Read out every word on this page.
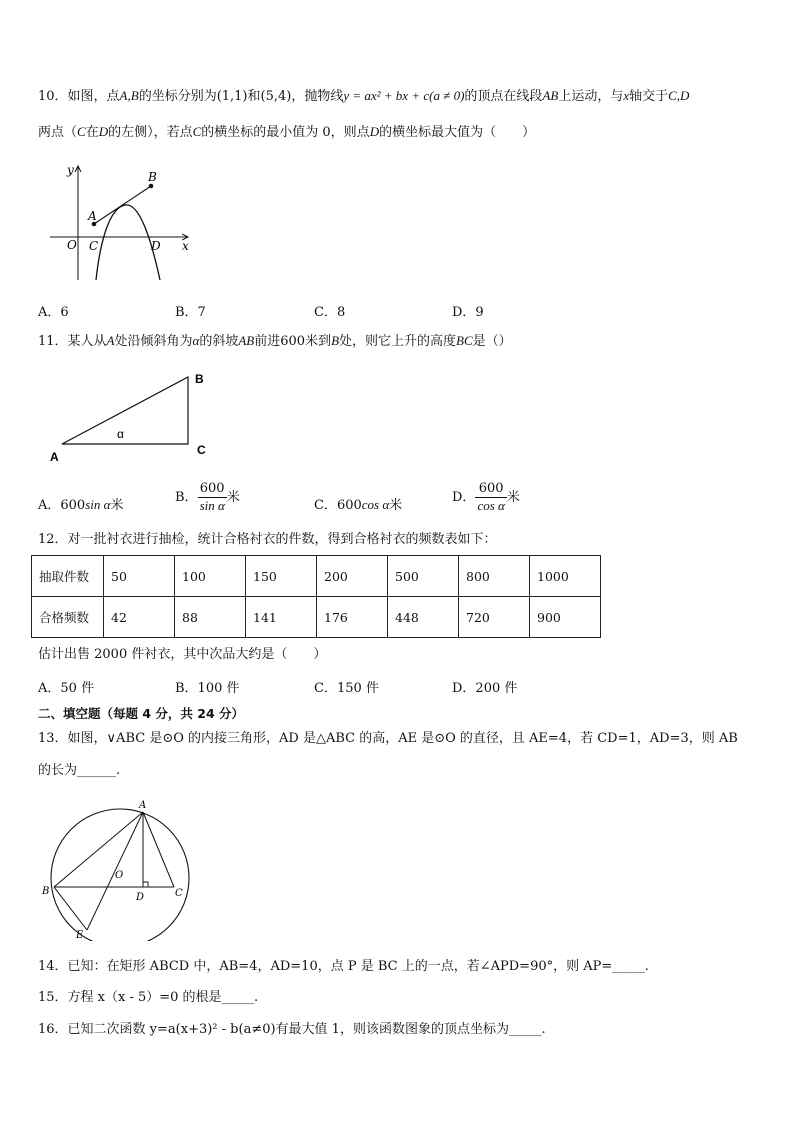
10．如图，点A,B的坐标分别为(1,1)和(5,4)，抛物线y = ax² + bx + c(a ≠ 0)的顶点在线段AB上运动，与x轴交于C,D
两点（C在D的左侧），若点C的横坐标的最小值为 0，则点D的横坐标最大值为（　　）
y
x
O
A
B
C	D
A．6	B．7	C．8	D．9
11．某人从A处沿倾斜角为α的斜坡AB前进600米到B处，则它上升的高度BC是（）
A
B
C
α
A．600sin α米
B． $\frac{600}{\text{sin α}}$ 米
C．600cos α米
D． $\frac{600}{\text{cos α}}$ 米
12．对一批衬衣进行抽检，统计合格衬衣的件数，得到合格衬衣的频数表如下：
抽取件数	50	100	150	200	500	800	1000
合格频数	42	88	141	176	448	720	900
估计出售 2000 件衬衣，其中次品大约是（　　）
A．50 件	B．100 件	C．150 件	D．200 件
二、填空题（每题 4 分，共 24 分）
13．如图，∨ABC 是⊙O 的内接三角形，AD 是△ABC 的高，AE 是⊙O 的直径，且 AE=4，若 CD=1，AD=3，则 AB
的长为______.
A
B	C
D
E
O
14．已知：在矩形 ABCD 中，AB=4，AD=10，点 P 是 BC 上的一点，若∠APD=90°，则 AP=_____.
15．方程 x（x - 5）=0 的根是_____.
16．已知二次函数 y=a(x+3)² - b(a≠0)有最大值 1，则该函数图象的顶点坐标为_____.
